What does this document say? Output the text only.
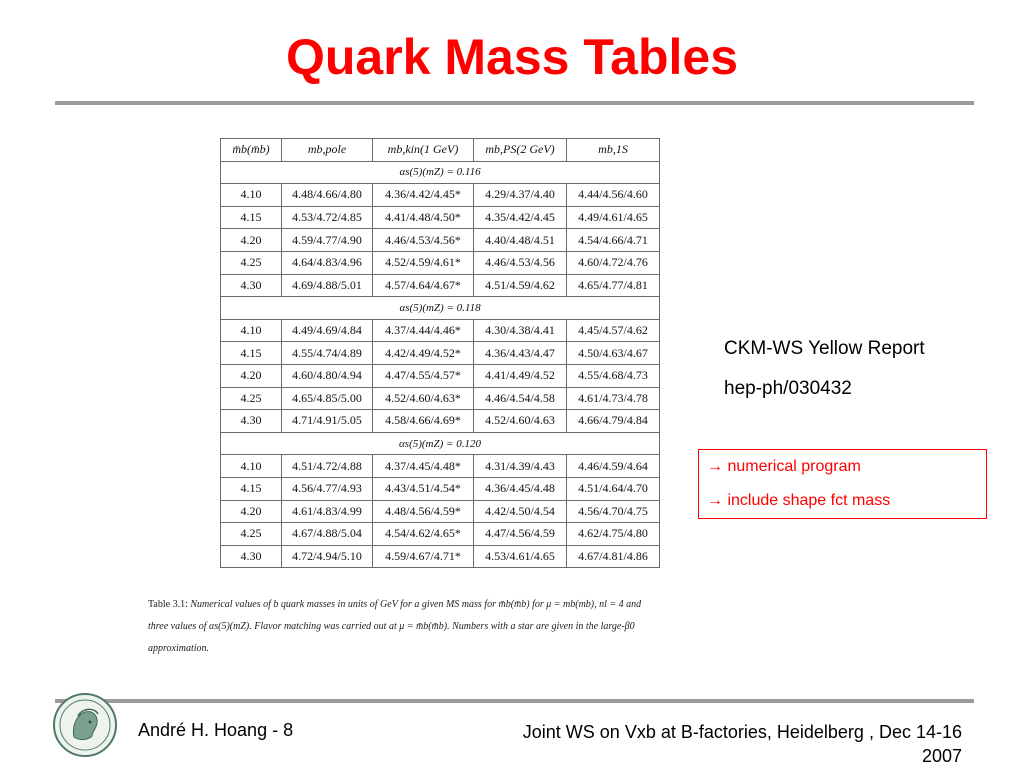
Quark Mass Tables
m̄b(m̄b)	mb,pole	mb,kin(1 GeV)	mb,PS(2 GeV)	mb,1S
αs(5)(mZ) = 0.116				
4.10	4.48/4.66/4.80	4.36/4.42/4.45*	4.29/4.37/4.40	4.44/4.56/4.60
4.15	4.53/4.72/4.85	4.41/4.48/4.50*	4.35/4.42/4.45	4.49/4.61/4.65
4.20	4.59/4.77/4.90	4.46/4.53/4.56*	4.40/4.48/4.51	4.54/4.66/4.71
4.25	4.64/4.83/4.96	4.52/4.59/4.61*	4.46/4.53/4.56	4.60/4.72/4.76
4.30	4.69/4.88/5.01	4.57/4.64/4.67*	4.51/4.59/4.62	4.65/4.77/4.81
αs(5)(mZ) = 0.118				
4.10	4.49/4.69/4.84	4.37/4.44/4.46*	4.30/4.38/4.41	4.45/4.57/4.62
4.15	4.55/4.74/4.89	4.42/4.49/4.52*	4.36/4.43/4.47	4.50/4.63/4.67
4.20	4.60/4.80/4.94	4.47/4.55/4.57*	4.41/4.49/4.52	4.55/4.68/4.73
4.25	4.65/4.85/5.00	4.52/4.60/4.63*	4.46/4.54/4.58	4.61/4.73/4.78
4.30	4.71/4.91/5.05	4.58/4.66/4.69*	4.52/4.60/4.63	4.66/4.79/4.84
αs(5)(mZ) = 0.120				
4.10	4.51/4.72/4.88	4.37/4.45/4.48*	4.31/4.39/4.43	4.46/4.59/4.64
4.15	4.56/4.77/4.93	4.43/4.51/4.54*	4.36/4.45/4.48	4.51/4.64/4.70
4.20	4.61/4.83/4.99	4.48/4.56/4.59*	4.42/4.50/4.54	4.56/4.70/4.75
4.25	4.67/4.88/5.04	4.54/4.62/4.65*	4.47/4.56/4.59	4.62/4.75/4.80
4.30	4.72/4.94/5.10	4.59/4.67/4.71*	4.53/4.61/4.65	4.67/4.81/4.86
Table 3.1: Numerical values of b quark masses in units of GeV for a given MS mass for m̄b(m̄b) for μ = mb(mb), nl = 4 and
three values of αs(5)(mZ). Flavor matching was carried out at μ = m̄b(m̄b). Numbers with a star are given in the large-β0
approximation.
CKM-WS Yellow Report
hep-ph/030432
→ numerical program
→ include shape fct mass
André H. Hoang - 8	Joint WS on Vxb at B-factories, Heidelberg , Dec 14-16
2007
